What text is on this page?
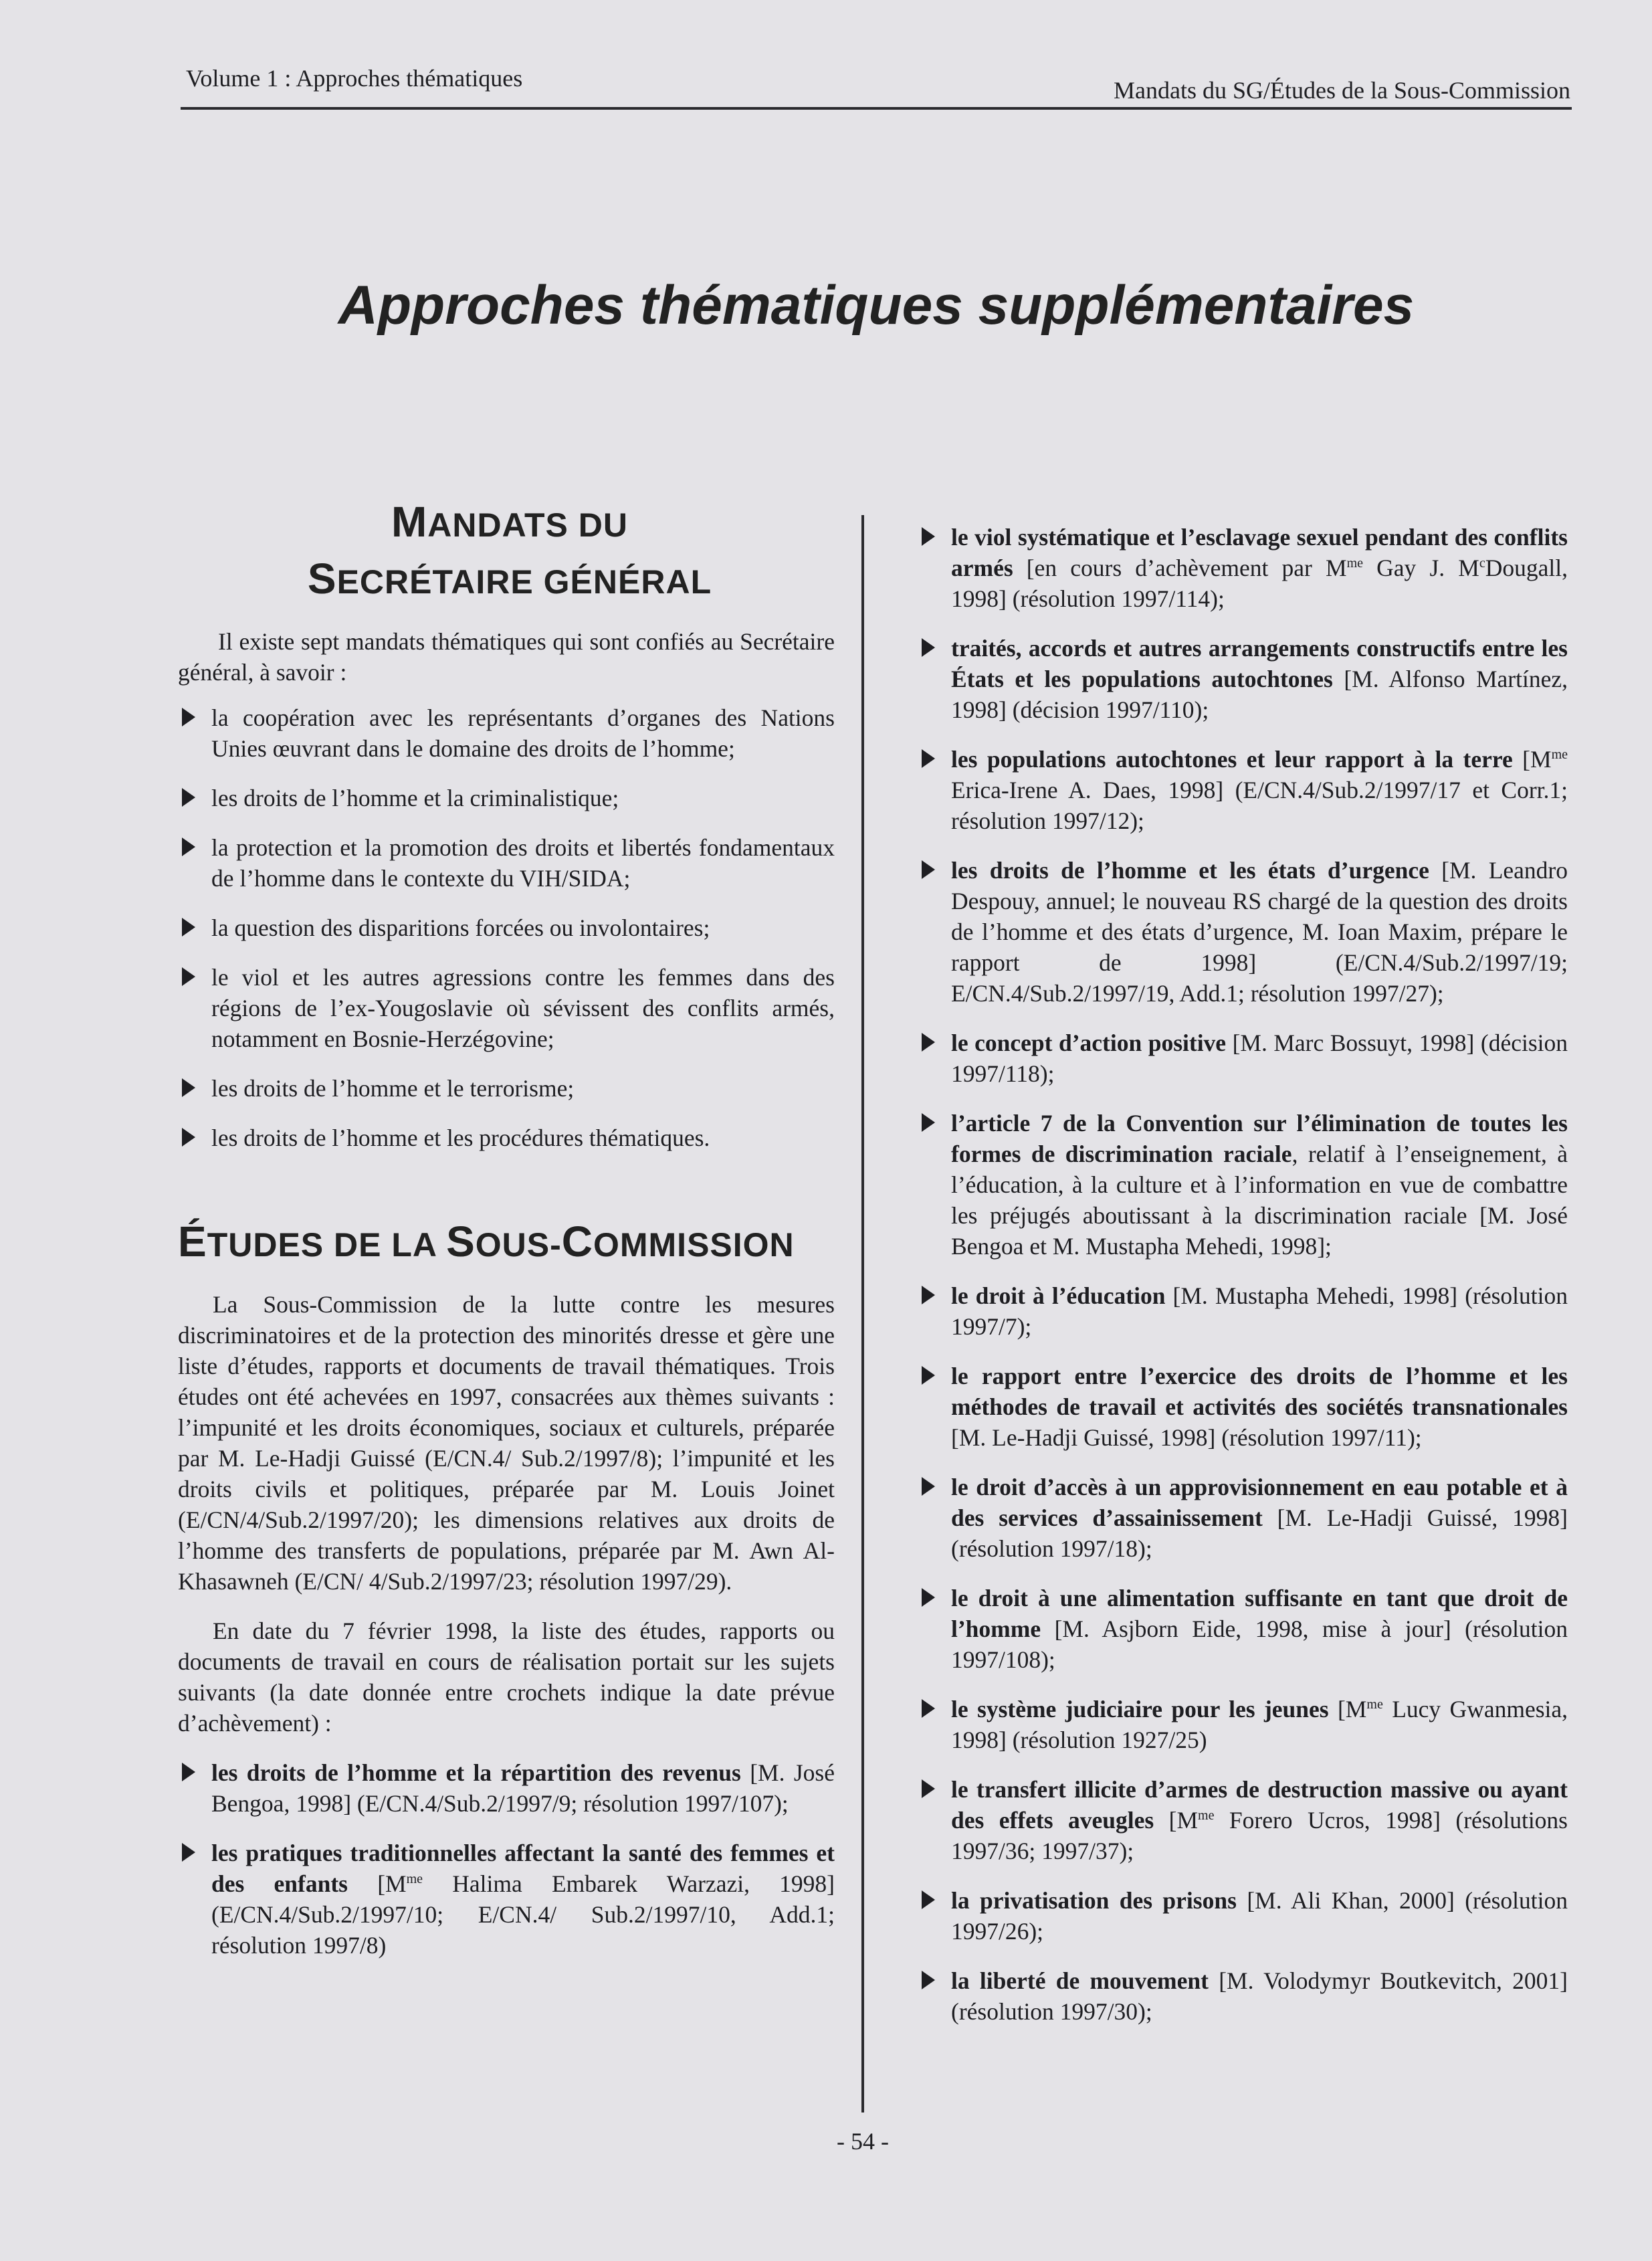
Volume 1 : Approches thématiques	Mandats du SG/Études de la Sous-Commission
Approches thématiques supplémentaires
MANDATS DU
SECRÉTAIRE GÉNÉRAL

Il existe sept mandats thématiques qui sont confiés au Secrétaire général, à savoir :

la coopération avec les représentants d’organes des Nations Unies œuvrant dans le domaine des droits de l’homme;
les droits de l’homme et la criminalistique;
la protection et la promotion des droits et libertés fondamentaux de l’homme dans le contexte du VIH/SIDA;
la question des disparitions forcées ou involontaires;
le viol et les autres agressions contre les femmes dans des régions de l’ex-Yougoslavie où sévissent des conflits armés, notamment en Bosnie-Herzégovine;
les droits de l’homme et le terrorisme;
les droits de l’homme et les procédures thématiques.
ÉTUDES DE LA SOUS-COMMISSION

La Sous-Commission de la lutte contre les mesures discriminatoires et de la protection des minorités dresse et gère une liste d’études, rapports et documents de travail thématiques. Trois études ont été achevées en 1997, consacrées aux thèmes suivants : l’impunité et les droits économiques, sociaux et culturels, préparée par M. Le-Hadji Guissé (E/CN.4/ Sub.2/1997/8); l’impunité et les droits civils et politiques, préparée par M. Louis Joinet (E/CN/4/Sub.2/1997/20); les dimensions relatives aux droits de l’homme des transferts de populations, préparée par M. Awn Al-Khasawneh (E/CN/ 4/Sub.2/1997/23; résolution 1997/29).

En date du 7 février 1998, la liste des études, rapports ou documents de travail en cours de réalisation portait sur les sujets suivants (la date donnée entre crochets indique la date prévue d’achèvement) :

les droits de l’homme et la répartition des revenus [M. José Bengoa, 1998] (E/CN.4/Sub.2/1997/9; résolution 1997/107);
les pratiques traditionnelles affectant la santé des femmes et des enfants [$M^{me}$ Halima Embarek Warzazi, 1998] (E/CN.4/Sub.2/1997/10; E/CN.4/ Sub.2/1997/10, Add.1; résolution 1997/8)
le viol systématique et l’esclavage sexuel pendant des conflits armés [en cours d’achèvement par $M^{me}$ Gay J. $M^cDougall$, 1998] (résolution 1997/114);
traités, accords et autres arrangements constructifs entre les États et les populations autochtones [M. Alfonso Martínez, 1998] (décision 1997/110);
les populations autochtones et leur rapport à la terre [$M^{me}$ Erica-Irene A. Daes, 1998] (E/CN.4/Sub.2/1997/17 et Corr.1; résolution 1997/12);
les droits de l’homme et les états d’urgence [M. Leandro Despouy, annuel; le nouveau RS chargé de la question des droits de l’homme et des états d’urgence, M. Ioan Maxim, prépare le rapport de 1998] (E/CN.4/Sub.2/1997/19; E/CN.4/Sub.2/1997/19, Add.1; résolution 1997/27);
le concept d’action positive [M. Marc Bossuyt, 1998] (décision 1997/118);
l’article 7 de la Convention sur l’élimination de toutes les formes de discrimination raciale, relatif à l’enseignement, à l’éducation, à la culture et à l’information en vue de combattre les préjugés aboutissant à la discrimination raciale [M. José Bengoa et M. Mustapha Mehedi, 1998];
le droit à l’éducation [M. Mustapha Mehedi, 1998] (résolution 1997/7);
le rapport entre l’exercice des droits de l’homme et les méthodes de travail et activités des sociétés transnationales [M. Le-Hadji Guissé, 1998] (résolution 1997/11);
le droit d’accès à un approvisionnement en eau potable et à des services d’assainissement [M. Le-Hadji Guissé, 1998] (résolution 1997/18);
le droit à une alimentation suffisante en tant que droit de l’homme [M. Asjborn Eide, 1998, mise à jour] (résolution 1997/108);
le système judiciaire pour les jeunes [$M^{me}$ Lucy Gwanmesia, 1998] (résolution 1927/25)
le transfert illicite d’armes de destruction massive ou ayant des effets aveugles [$M^{me}$ Forero Ucros, 1998] (résolutions 1997/36; 1997/37);
la privatisation des prisons [M. Ali Khan, 2000] (résolution 1997/26);
la liberté de mouvement [M. Volodymyr Boutkevitch, 2001] (résolution 1997/30);
- 54 -
